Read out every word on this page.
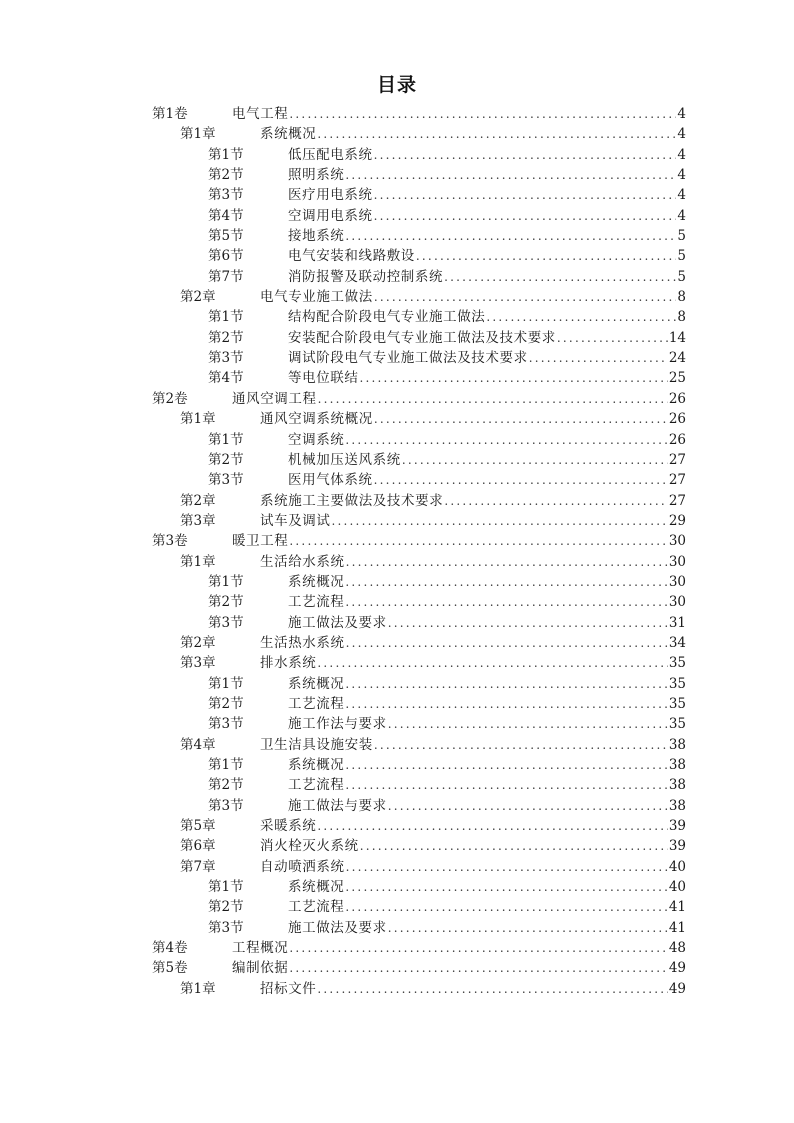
目录
第1卷	电气工程 .....	4
第1章	系统概况 .....	4
第1节	低压配电系统 .....	4
第2节	照明系统 .....	4
第3节	医疗用电系统 .....	4
第4节	空调用电系统 .....	4
第5节	接地系统 .....	5
第6节	电气安装和线路敷设 .....	5
第7节	消防报警及联动控制系统 .....	5
第2章	电气专业施工做法 .....	8
第1节	结构配合阶段电气专业施工做法 .....	8
第2节	安装配合阶段电气专业施工做法及技术要求 .....	14
第3节	调试阶段电气专业施工做法及技术要求 .....	24
第4节	等电位联结 .....	25
第2卷	通风空调工程 .....	26
第1章	通风空调系统概况 .....	26
第1节	空调系统 .....	26
第2节	机械加压送风系统 .....	27
第3节	医用气体系统 .....	27
第2章	系统施工主要做法及技术要求 .....	27
第3章	试车及调试 .....	29
第3卷	暖卫工程 .....	30
第1章	生活给水系统 .....	30
第1节	系统概况 .....	30
第2节	工艺流程 .....	30
第3节	施工做法及要求 .....	31
第2章	生活热水系统 .....	34
第3章	排水系统 .....	35
第1节	系统概况 .....	35
第2节	工艺流程 .....	35
第3节	施工作法与要求 .....	35
第4章	卫生洁具设施安装 .....	38
第1节	系统概况 .....	38
第2节	工艺流程 .....	38
第3节	施工做法与要求 .....	38
第5章	采暖系统 .....	39
第6章	消火栓灭火系统 .....	39
第7章	自动喷洒系统 .....	40
第1节	系统概况 .....	40
第2节	工艺流程 .....	41
第3节	施工做法及要求 .....	41
第4卷	工程概况 .....	48
第5卷	编制依据 .....	49
第1章	招标文件 .....	49
